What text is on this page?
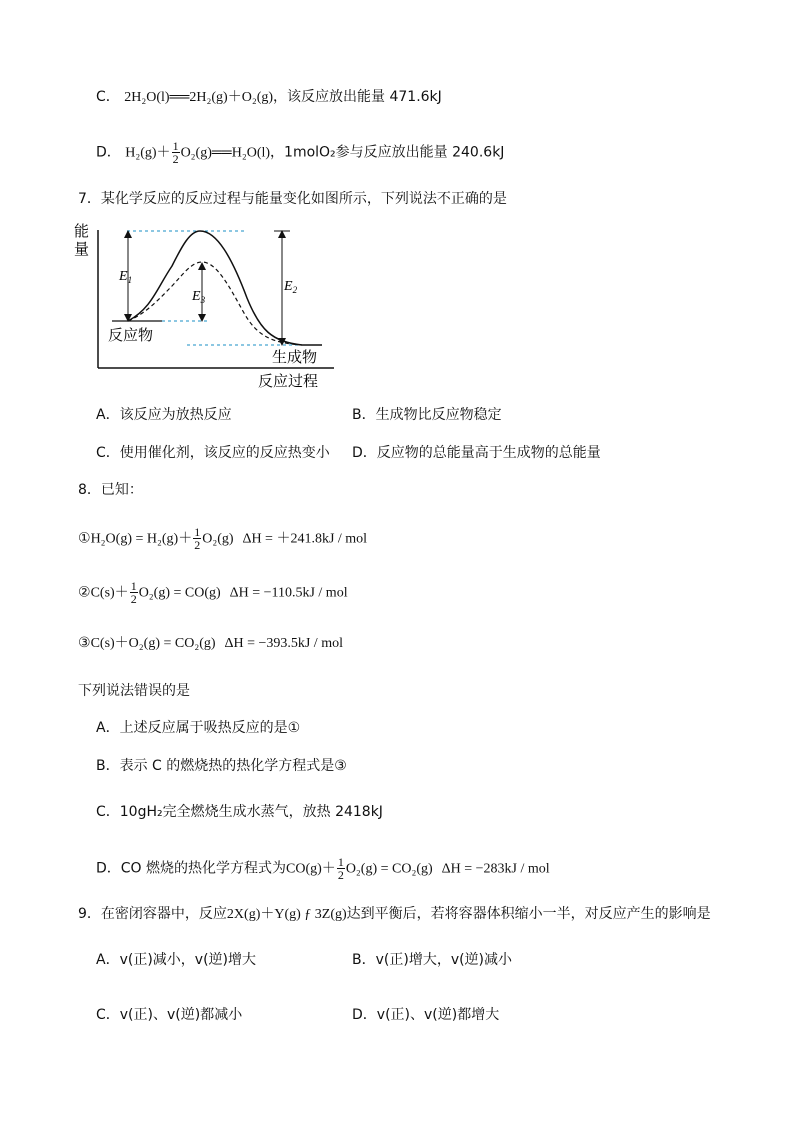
C． 2H₂O(l)══2H₂(g)＋O₂(g)，该反应放出能量 471.6kJ
D． $H_2(g)+ \frac{1}{2}$ O₂(g)══H₂O(l)，1molO₂参与反应放出能量 240.6kJ
7．某化学反应的反应过程与能量变化如图所示，下列说法不正确的是
能
量
$E_1$
$E_3$
$E_2$
反应物
生成物
反应过程
A．该反应为放热反应	B．生成物比反应物稳定
C．使用催化剂，该反应的反应热变小 D．反应物的总能量高于生成物的总能量
8．已知：
①H₂O(g) = $H_2(g)+ \frac{1}{2} O_2(g) \Delta H = +241.8kJ$ / mol
②C(s)＋ $\frac{1}{2} O_2(g) = CO(g) \Delta H = -110.5kJ$ / mol
③C(s)＋O₂(g) = CO₂(g) ΔH = −393.5kJ / mol
下列说法错误的是
A．上述反应属于吸热反应的是①
B．表示 C 的燃烧热的热化学方程式是③
C．10gH₂完全燃烧生成水蒸气，放热 2418kJ
D．CO 燃烧的热化学方程式为$CO(g)+ \frac{1}{2} O_2(g) = CO_2(g) \Delta H = -283kJ$ / mol
9．在密闭容器中，反应2X(g)＋Y(g) ƒ 3Z(g)达到平衡后，若将容器体积缩小一半，对反应产生的影响是
A．v(正)减小，v(逆)增大	B．v(正)增大，v(逆)减小
C．v(正)、v(逆)都减小	D．v(正)、v(逆)都增大
